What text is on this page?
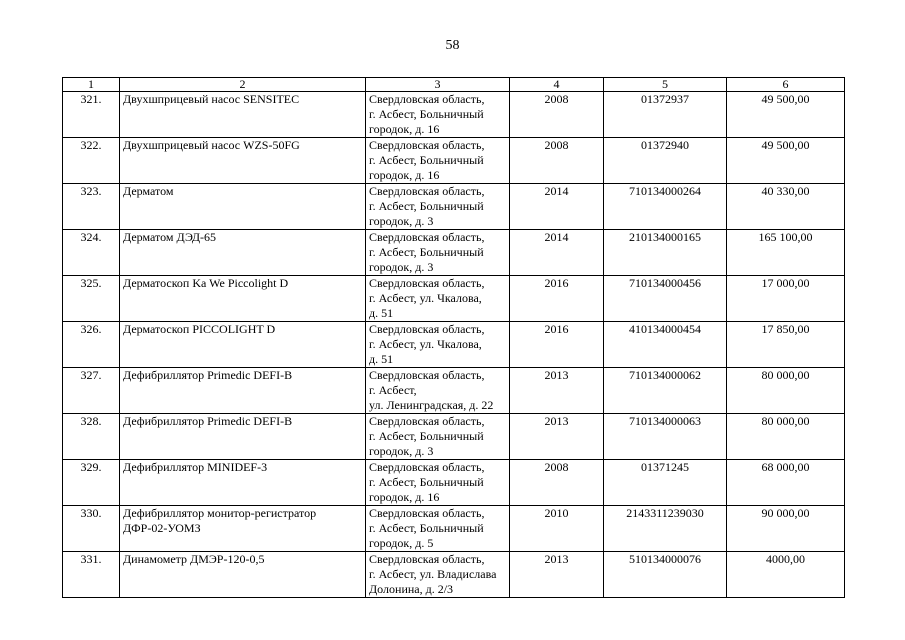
58
1	2	3	4	5	6
321.	Двухшприцевый насос SENSITEC	Свердловская область,
г. Асбест, Больничный
городок, д. 16	2008	01372937	49 500,00
322.	Двухшприцевый насос WZS-50FG	Свердловская область,
г. Асбест, Больничный
городок, д. 16	2008	01372940	49 500,00
323.	Дерматом	Свердловская область,
г. Асбест, Больничный
городок, д. 3	2014	710134000264	40 330,00
324.	Дерматом ДЭД-65	Свердловская область,
г. Асбест, Больничный
городок, д. 3	2014	210134000165	165 100,00
325.	Дерматоскоп Ka We Piccolight D	Свердловская область,
г. Асбест, ул. Чкалова,
д. 51	2016	710134000456	17 000,00
326.	Дерматоскоп PICCOLIGHT D	Свердловская область,
г. Асбест, ул. Чкалова,
д. 51	2016	410134000454	17 850,00
327.	Дефибриллятор Primedic DEFI-B	Свердловская область,
г. Асбест,
ул. Ленинградская, д. 22	2013	710134000062	80 000,00
328.	Дефибриллятор Primedic DEFI-B	Свердловская область,
г. Асбест, Больничный
городок, д. 3	2013	710134000063	80 000,00
329.	Дефибриллятор MINIDEF-3	Свердловская область,
г. Асбест, Больничный
городок, д. 16	2008	01371245	68 000,00
330.	Дефибриллятор монитор-регистратор
ДФР-02-УОМЗ	Свердловская область,
г. Асбест, Больничный
городок, д. 5	2010	2143311239030	90 000,00
331.	Динамометр ДМЭР-120-0,5	Свердловская область,
г. Асбест, ул. Владислава
Долонина, д. 2/3	2013	510134000076	4000,00
